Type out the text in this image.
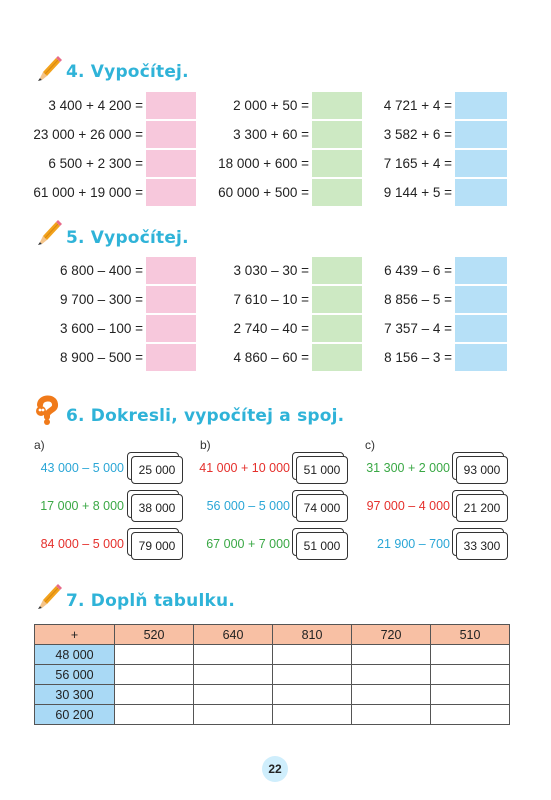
4. Vypočítej.
3 400 + 4 200 =
23 000 + 26 000 =
6 500 + 2 300 =
61 000 + 19 000 =
2 000 + 50 =
3 300 + 60 =
18 000 + 600 =
60 000 + 500 =
4 721 + 4 =
3 582 + 6 =
7 165 + 4 =
9 144 + 5 =
5. Vypočítej.
6 800 – 400 =
9 700 – 300 =
3 600 – 100 =
8 900 – 500 =
3 030 – 30 =
7 610 – 10 =
2 740 – 40 =
4 860 – 60 =
6 439 – 6 =
8 856 – 5 =
7 357 – 4 =
8 156 – 3 =
6. Dokresli, vypočítej a spoj.
a)
43 000 – 5 000	25 000
17 000 + 8 000	38 000
84 000 – 5 000	79 000
b)
41 000 + 10 000	51 000
56 000 – 5 000	74 000
67 000 + 7 000	51 000
c)
31 300 + 2 000	93 000
97 000 – 4 000	21 200
21 900 – 700	33 300
7. Doplň tabulku.
+	520	640	810	720	510
48 000					
56 000					
30 300					
60 200					
22
